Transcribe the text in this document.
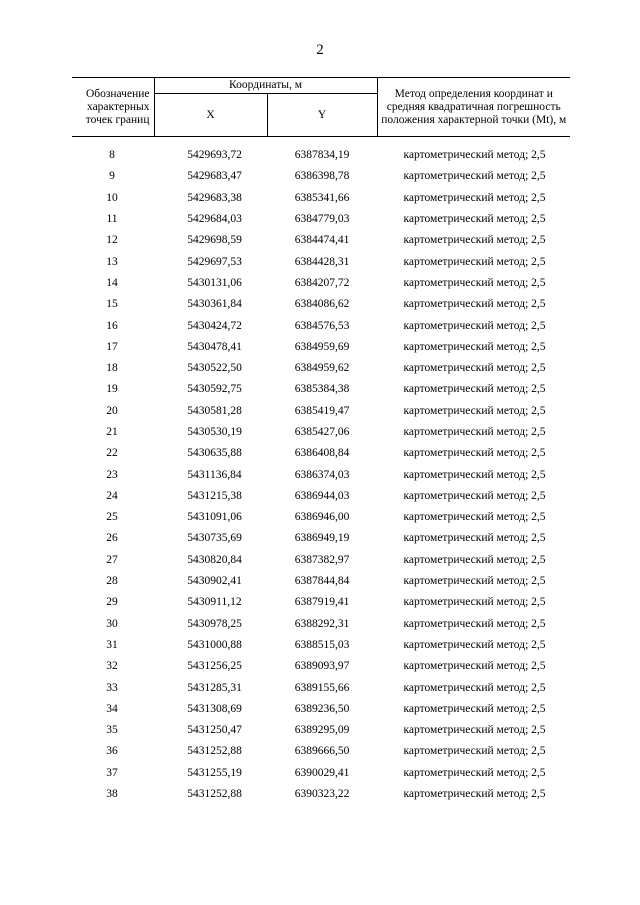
2
Обозначение характерных точек границ	Координаты, м		Метод определения координат и средняя квадратичная погрешность положения характерной точки (Mt), м
	X	Y	

8	5429693,72	6387834,19	картометрический метод; 2,5
9	5429683,47	6386398,78	картометрический метод; 2,5
10	5429683,38	6385341,66	картометрический метод; 2,5
11	5429684,03	6384779,03	картометрический метод; 2,5
12	5429698,59	6384474,41	картометрический метод; 2,5
13	5429697,53	6384428,31	картометрический метод; 2,5
14	5430131,06	6384207,72	картометрический метод; 2,5
15	5430361,84	6384086,62	картометрический метод; 2,5
16	5430424,72	6384576,53	картометрический метод; 2,5
17	5430478,41	6384959,69	картометрический метод; 2,5
18	5430522,50	6384959,62	картометрический метод; 2,5
19	5430592,75	6385384,38	картометрический метод; 2,5
20	5430581,28	6385419,47	картометрический метод; 2,5
21	5430530,19	6385427,06	картометрический метод; 2,5
22	5430635,88	6386408,84	картометрический метод; 2,5
23	5431136,84	6386374,03	картометрический метод; 2,5
24	5431215,38	6386944,03	картометрический метод; 2,5
25	5431091,06	6386946,00	картометрический метод; 2,5
26	5430735,69	6386949,19	картометрический метод; 2,5
27	5430820,84	6387382,97	картометрический метод; 2,5
28	5430902,41	6387844,84	картометрический метод; 2,5
29	5430911,12	6387919,41	картометрический метод; 2,5
30	5430978,25	6388292,31	картометрический метод; 2,5
31	5431000,88	6388515,03	картометрический метод; 2,5
32	5431256,25	6389093,97	картометрический метод; 2,5
33	5431285,31	6389155,66	картометрический метод; 2,5
34	5431308,69	6389236,50	картометрический метод; 2,5
35	5431250,47	6389295,09	картометрический метод; 2,5
36	5431252,88	6389666,50	картометрический метод; 2,5
37	5431255,19	6390029,41	картометрический метод; 2,5
38	5431252,88	6390323,22	картометрический метод; 2,5
